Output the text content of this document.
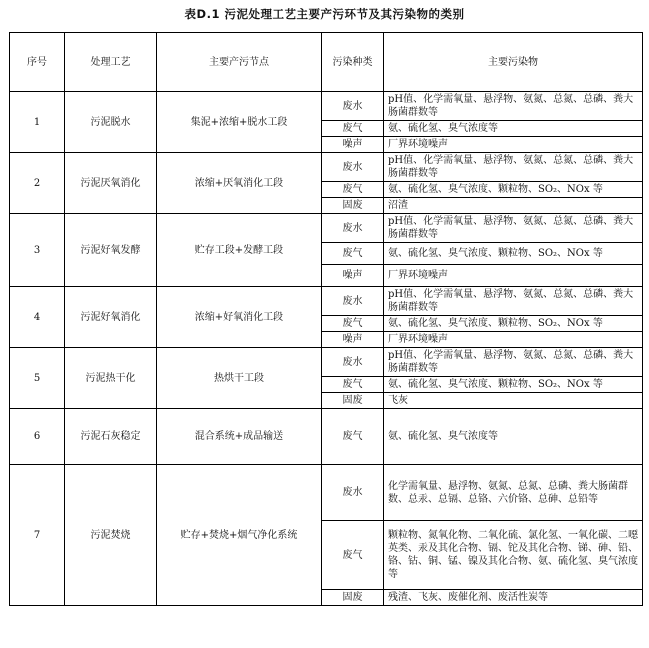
表D.1 污泥处理工艺主要产污环节及其污染物的类别
序号	处理工艺	主要产污节点	污染种类	主要污染物
1	污泥脱水	集泥+浓缩+脱水工段	废水	pH值、化学需氧量、悬浮物、氨氮、总氮、总磷、粪大肠菌群数等
			废气	氨、硫化氢、臭气浓度等
			噪声	厂界环境噪声
2	污泥厌氧消化	浓缩+厌氧消化工段	废水	pH值、化学需氧量、悬浮物、氨氮、总氮、总磷、粪大肠菌群数等
			废气	氨、硫化氢、臭气浓度、颗粒物、SO₂、NOx 等
			固废	沼渣
3	污泥好氧发酵	贮存工段+发酵工段	废水	pH值、化学需氧量、悬浮物、氨氮、总氮、总磷、粪大肠菌群数等
			废气	氨、硫化氢、臭气浓度、颗粒物、SO₂、NOx 等
			噪声	厂界环境噪声
4	污泥好氧消化	浓缩+好氧消化工段	废水	pH值、化学需氧量、悬浮物、氨氮、总氮、总磷、粪大肠菌群数等
			废气	氨、硫化氢、臭气浓度、颗粒物、SO₂、NOx 等
			噪声	厂界环境噪声
5	污泥热干化	热烘干工段	废水	pH值、化学需氧量、悬浮物、氨氮、总氮、总磷、粪大肠菌群数等
			废气	氨、硫化氢、臭气浓度、颗粒物、SO₂、NOx 等
			固废	飞灰
6	污泥石灰稳定	混合系统+成品输送	废气	氨、硫化氢、臭气浓度等
7	污泥焚烧	贮存+焚烧+烟气净化系统	废水	化学需氧量、悬浮物、氨氮、总氮、总磷、粪大肠菌群数、总汞、总镉、总铬、六价铬、总砷、总铅等
			废气	颗粒物、氮氧化物、二氧化硫、氯化氢、一氧化碳、二噁英类、汞及其化合物、镉、铊及其化合物、锑、砷、铅、铬、钴、铜、锰、镍及其化合物、氨、硫化氢、臭气浓度等
			固废	残渣、飞灰、废催化剂、废活性炭等
